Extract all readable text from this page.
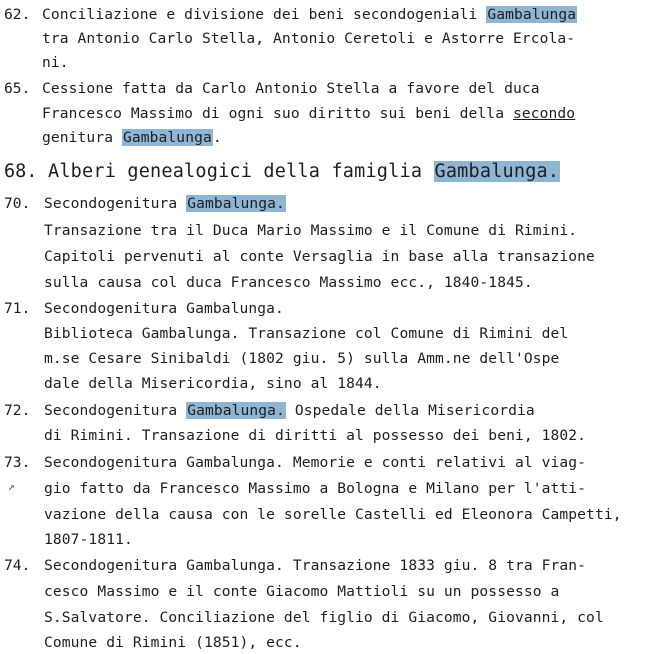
62. Conciliazione e divisione dei beni secondogeniali Gambalunga
tra Antonio Carlo Stella, Antonio Ceretoli e Astorre Ercola-
ni.
65. Cessione fatta da Carlo Antonio Stella a favore del duca
Francesco Massimo di ogni suo diritto sui beni della secondo
genitura Gambalunga.
68. Alberi genealogici della famiglia Gambalunga.
70. Secondogenitura Gambalunga.
Transazione tra il Duca Mario Massimo e il Comune di Rimini.
Capitoli pervenuti al conte Versaglia in base alla transazione
sulla causa col duca Francesco Massimo ecc., 1840-1845.
71. Secondogenitura Gambalunga.
Biblioteca Gambalunga. Transazione col Comune di Rimini del
m.se Cesare Sinibaldi (1802 giu. 5) sulla Amm.ne dell'Ospe
dale della Misericordia, sino al 1844.
72. Secondogenitura Gambalunga. Ospedale della Misericordia
di Rimini. Transazione di diritti al possesso dei beni, 1802.
73.
↗
Secondogenitura Gambalunga. Memorie e conti relativi al viag-
gio fatto da Francesco Massimo a Bologna e Milano per l'atti-
vazione della causa con le sorelle Castelli ed Eleonora Campetti,
1807-1811.
74. Secondogenitura Gambalunga. Transazione 1833 giu. 8 tra Fran-
cesco Massimo e il conte Giacomo Mattioli su un possesso a
S.Salvatore. Conciliazione del figlio di Giacomo, Giovanni, col
Comune di Rimini (1851), ecc.
